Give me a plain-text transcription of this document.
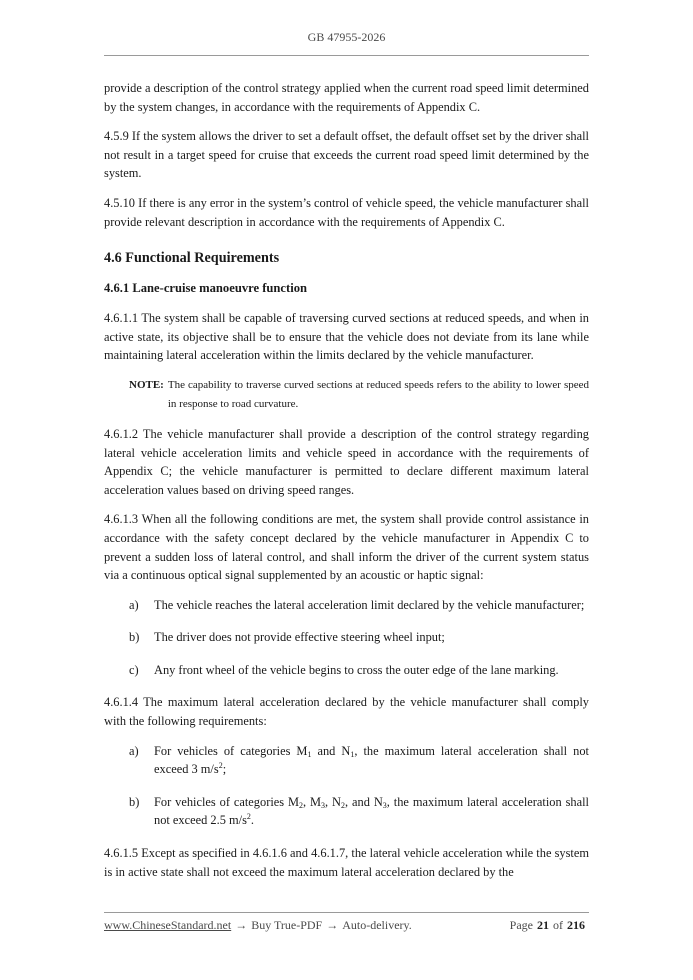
GB 47955-2026

provide a description of the control strategy applied when the current road speed limit determined by the system changes, in accordance with the requirements of Appendix C.

4.5.9 If the system allows the driver to set a default offset, the default offset set by the driver shall not result in a target speed for cruise that exceeds the current road speed limit determined by the system.

4.5.10 If there is any error in the system’s control of vehicle speed, the vehicle manufacturer shall provide relevant description in accordance with the requirements of Appendix C.

4.6 Functional Requirements
4.6.1 Lane-cruise manoeuvre function

4.6.1.1 The system shall be capable of traversing curved sections at reduced speeds, and when in active state, its objective shall be to ensure that the vehicle does not deviate from its lane while maintaining lateral acceleration within the limits declared by the vehicle manufacturer.

NOTE: The capability to traverse curved sections at reduced speeds refers to the ability to lower speed in response to road curvature.

4.6.1.2 The vehicle manufacturer shall provide a description of the control strategy regarding lateral vehicle acceleration limits and vehicle speed in accordance with the requirements of Appendix C; the vehicle manufacturer is permitted to declare different maximum lateral acceleration values based on driving speed ranges.

4.6.1.3 When all the following conditions are met, the system shall provide control assistance in accordance with the safety concept declared by the vehicle manufacturer in Appendix C to prevent a sudden loss of lateral control, and shall inform the driver of the current system status via a continuous optical signal supplemented by an acoustic or haptic signal:

a)	The vehicle reaches the lateral acceleration limit declared by the vehicle manufacturer;
b)	The driver does not provide effective steering wheel input;
c)	Any front wheel of the vehicle begins to cross the outer edge of the lane marking.

4.6.1.4 The maximum lateral acceleration declared by the vehicle manufacturer shall comply with the following requirements:

a)	For vehicles of categories $M_1$ and $N_1$, the maximum lateral acceleration shall not exceed 3 $m/s^2$;
b)	For vehicles of categories $M_2$, $M_3$, $N_2$, and $N_3$, the maximum lateral acceleration shall not exceed 2.5 $m/s^2$.

4.6.1.5 Except as specified in 4.6.1.6 and 4.6.1.7, the lateral vehicle acceleration while the system is in active state shall not exceed the maximum lateral acceleration declared by the

www.ChineseStandard.net → Buy True-PDF → Auto-delivery.	Page 21 of 216
